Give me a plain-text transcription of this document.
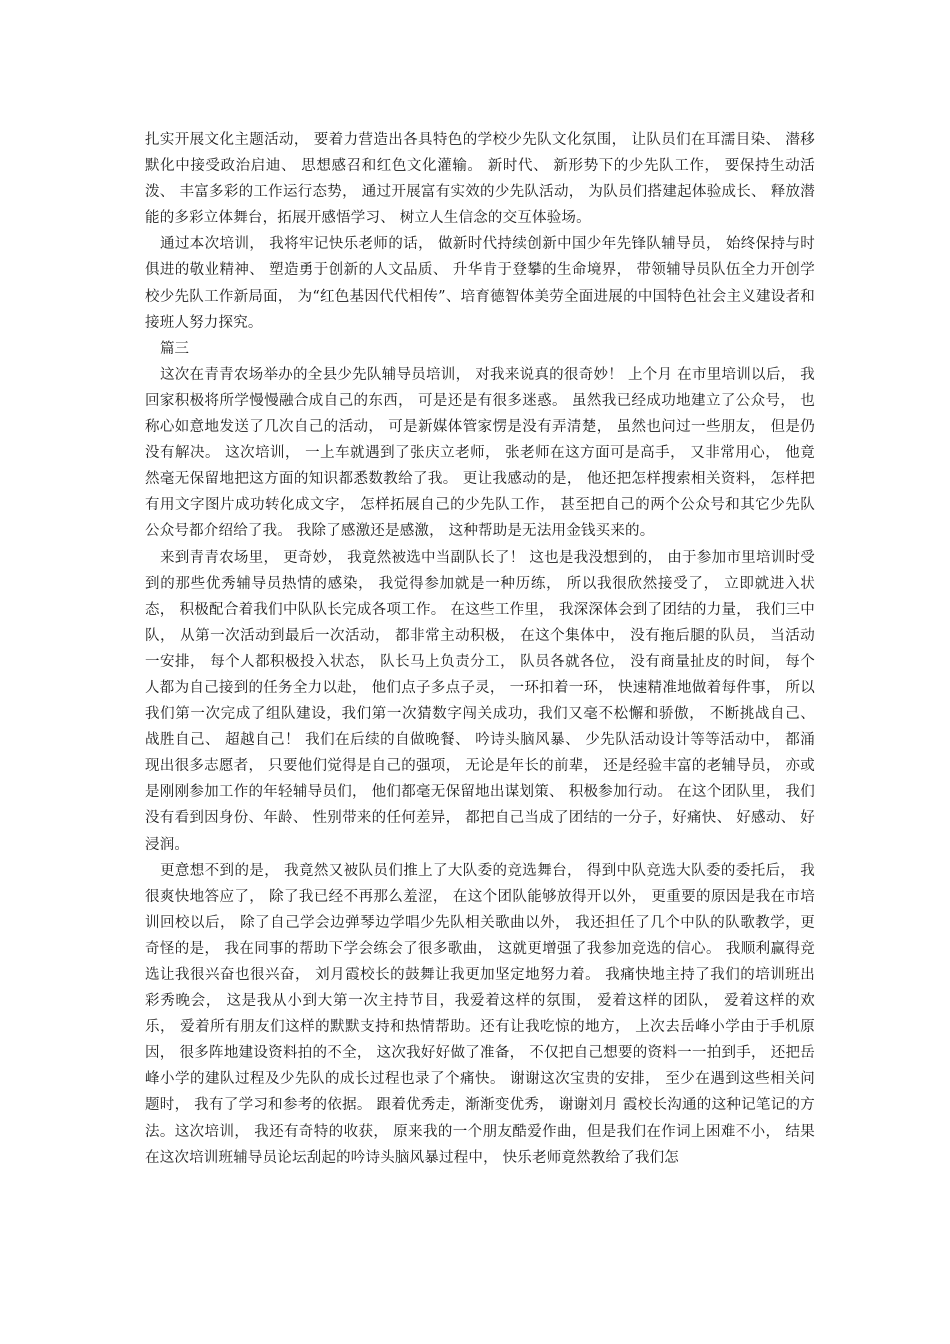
扎实开展文化主题活动， 要着力营造出各具特色的学校少先队文化氛围， 让队员们在耳濡目染、 潜移默化中接受政治启迪、 思想感召和红色文化灌输。 新时代、 新形势下的少先队工作， 要保持生动活泼、 丰富多彩的工作运行态势， 通过开展富有实效的少先队活动， 为队员们搭建起体验成长、 释放潜能的多彩立体舞台，拓展开感悟学习、 树立人生信念的交互体验场。

通过本次培训， 我将牢记快乐老师的话， 做新时代持续创新中国少年先锋队辅导员， 始终保持与时俱进的敬业精神、 塑造勇于创新的人文品质、 升华肯于登攀的生命境界， 带领辅导员队伍全力开创学校少先队工作新局面， 为“红色基因代代相传”、培育德智体美劳全面进展的中国特色社会主义建设者和接班人努力探究。

篇三

这次在青青农场举办的全县少先队辅导员培训， 对我来说真的很奇妙！ 上个月 在市里培训以后， 我回家积极将所学慢慢融合成自己的东西， 可是还是有很多迷惑。 虽然我已经成功地建立了公众号， 也称心如意地发送了几次自己的活动， 可是新媒体管家愣是没有弄清楚， 虽然也问过一些朋友， 但是仍没有解决。 这次培训， 一上车就遇到了张庆立老师， 张老师在这方面可是高手， 又非常用心， 他竟然毫无保留地把这方面的知识都悉数教给了我。 更让我感动的是， 他还把怎样搜索相关资料， 怎样把有用文字图片成功转化成文字， 怎样拓展自己的少先队工作， 甚至把自己的两个公众号和其它少先队公众号都介绍给了我。 我除了感激还是感激， 这种帮助是无法用金钱买来的。

来到青青农场里， 更奇妙， 我竟然被选中当副队长了！ 这也是我没想到的， 由于参加市里培训时受到的那些优秀辅导员热情的感染， 我觉得参加就是一种历练， 所以我很欣然接受了， 立即就进入状态， 积极配合着我们中队队长完成各项工作。 在这些工作里， 我深深体会到了团结的力量， 我们三中队， 从第一次活动到最后一次活动， 都非常主动积极， 在这个集体中， 没有拖后腿的队员， 当活动一安排， 每个人都积极投入状态， 队长马上负责分工， 队员各就各位， 没有商量扯皮的时间， 每个人都为自己接到的任务全力以赴， 他们点子多点子灵， 一环扣着一环， 快速精准地做着每件事， 所以我们第一次完成了组队建设，我们第一次猜数字闯关成功，我们又毫不松懈和骄傲， 不断挑战自己、 战胜自己、 超越自己！ 我们在后续的自做晚餐、 吟诗头脑风暴、 少先队活动设计等等活动中， 都涌现出很多志愿者， 只要他们觉得是自己的强项， 无论是年长的前辈， 还是经验丰富的老辅导员， 亦或是刚刚参加工作的年轻辅导员们， 他们都毫无保留地出谋划策、 积极参加行动。 在这个团队里， 我们没有看到因身份、年龄、 性别带来的任何差异， 都把自己当成了团结的一分子，好痛快、 好感动、 好浸润。

更意想不到的是， 我竟然又被队员们推上了大队委的竞选舞台， 得到中队竞选大队委的委托后， 我很爽快地答应了， 除了我已经不再那么羞涩， 在这个团队能够放得开以外， 更重要的原因是我在市培训回校以后， 除了自己学会边弹琴边学唱少先队相关歌曲以外， 我还担任了几个中队的队歌教学，更奇怪的是， 我在同事的帮助下学会练会了很多歌曲， 这就更增强了我参加竞选的信心。 我顺利赢得竞选让我很兴奋也很兴奋， 刘月霞校长的鼓舞让我更加坚定地努力着。 我痛快地主持了我们的培训班出彩秀晚会， 这是我从小到大第一次主持节目，我爱着这样的氛围， 爱着这样的团队， 爱着这样的欢乐， 爱着所有朋友们这样的默默支持和热情帮助。还有让我吃惊的地方， 上次去岳峰小学由于手机原因， 很多阵地建设资料拍的不全， 这次我好好做了准备， 不仅把自己想要的资料一一拍到手， 还把岳峰小学的建队过程及少先队的成长过程也录了个痛快。 谢谢这次宝贵的安排， 至少在遇到这些相关问题时， 我有了学习和参考的依据。 跟着优秀走，渐渐变优秀， 谢谢刘月 霞校长沟通的这种记笔记的方法。这次培训， 我还有奇特的收获， 原来我的一个朋友酷爱作曲，但是我们在作词上困难不小， 结果在这次培训班辅导员论坛刮起的吟诗头脑风暴过程中， 快乐老师竟然教给了我们怎
